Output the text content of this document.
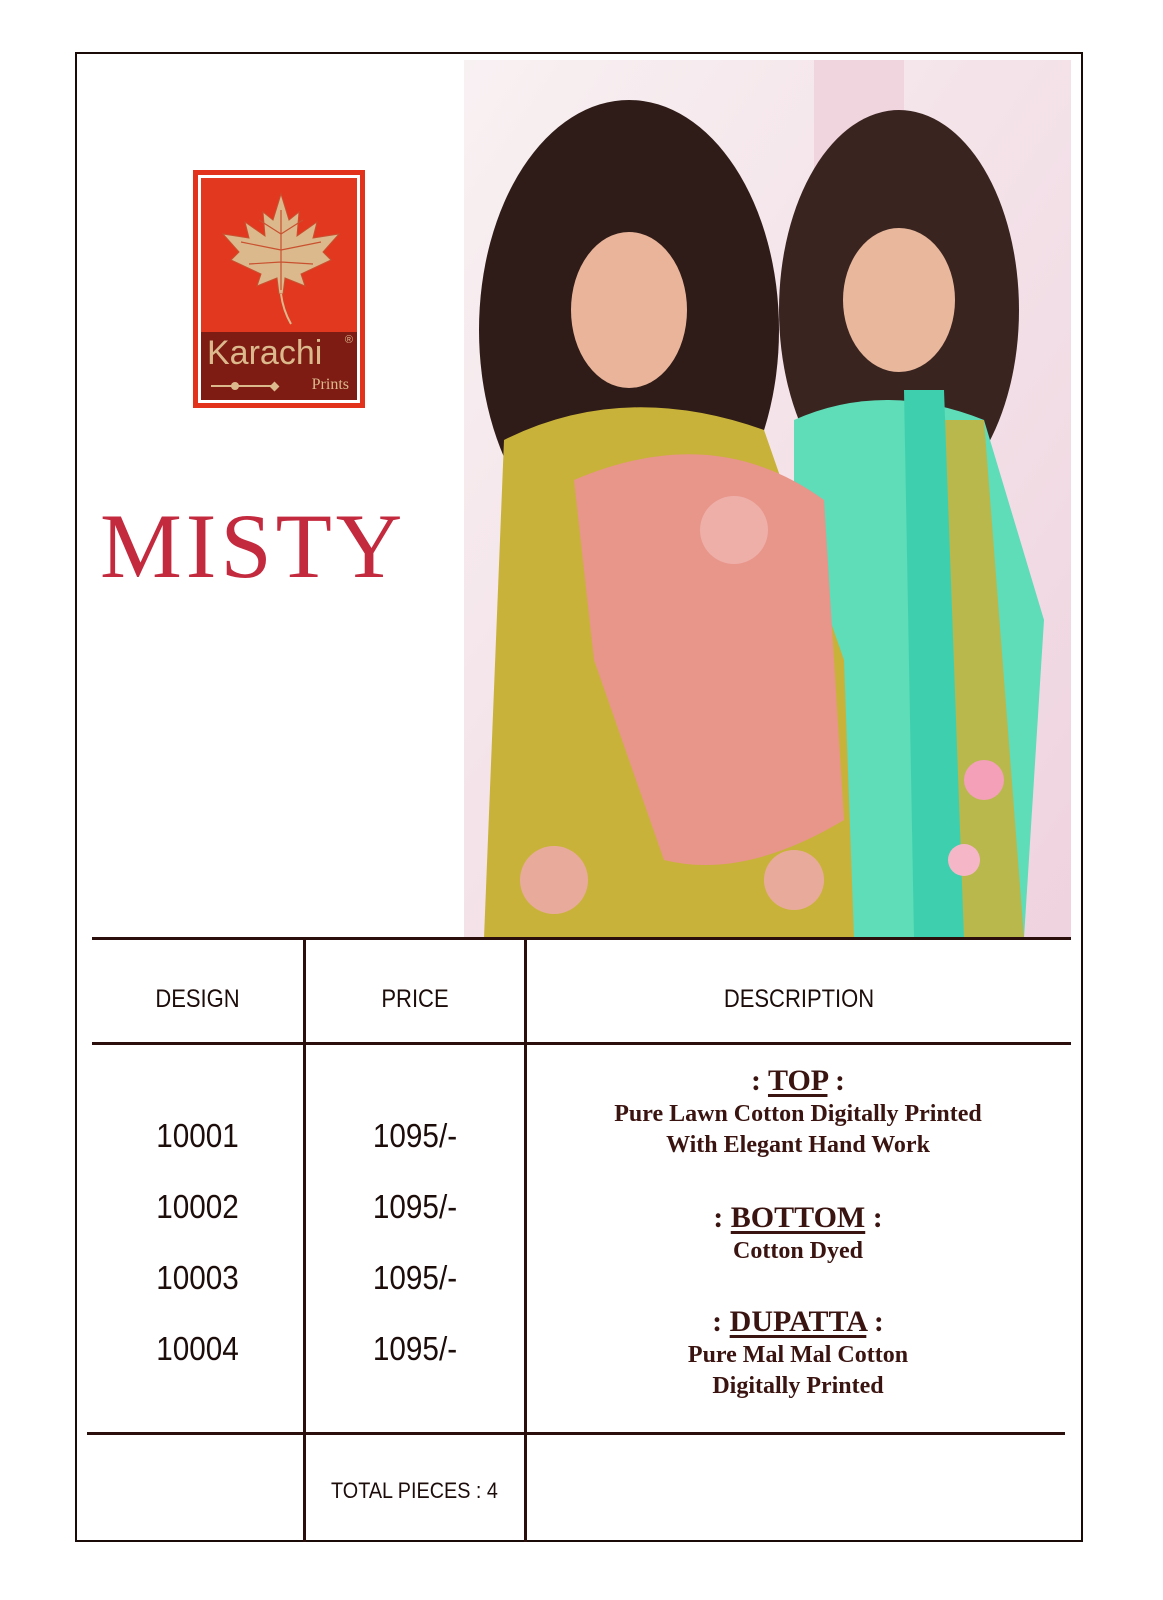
Karachi ®
Prints
MISTY
DESIGN	PRICE	DESCRIPTION
10001	1095/-
10002	1095/-
10003	1095/-
10004	1095/-
: TOP :
Pure Lawn Cotton Digitally Printed
With Elegant Hand Work
: BOTTOM :
Cotton Dyed
: DUPATTA :
Pure Mal Mal Cotton
Digitally Printed
TOTAL PIECES : 4
